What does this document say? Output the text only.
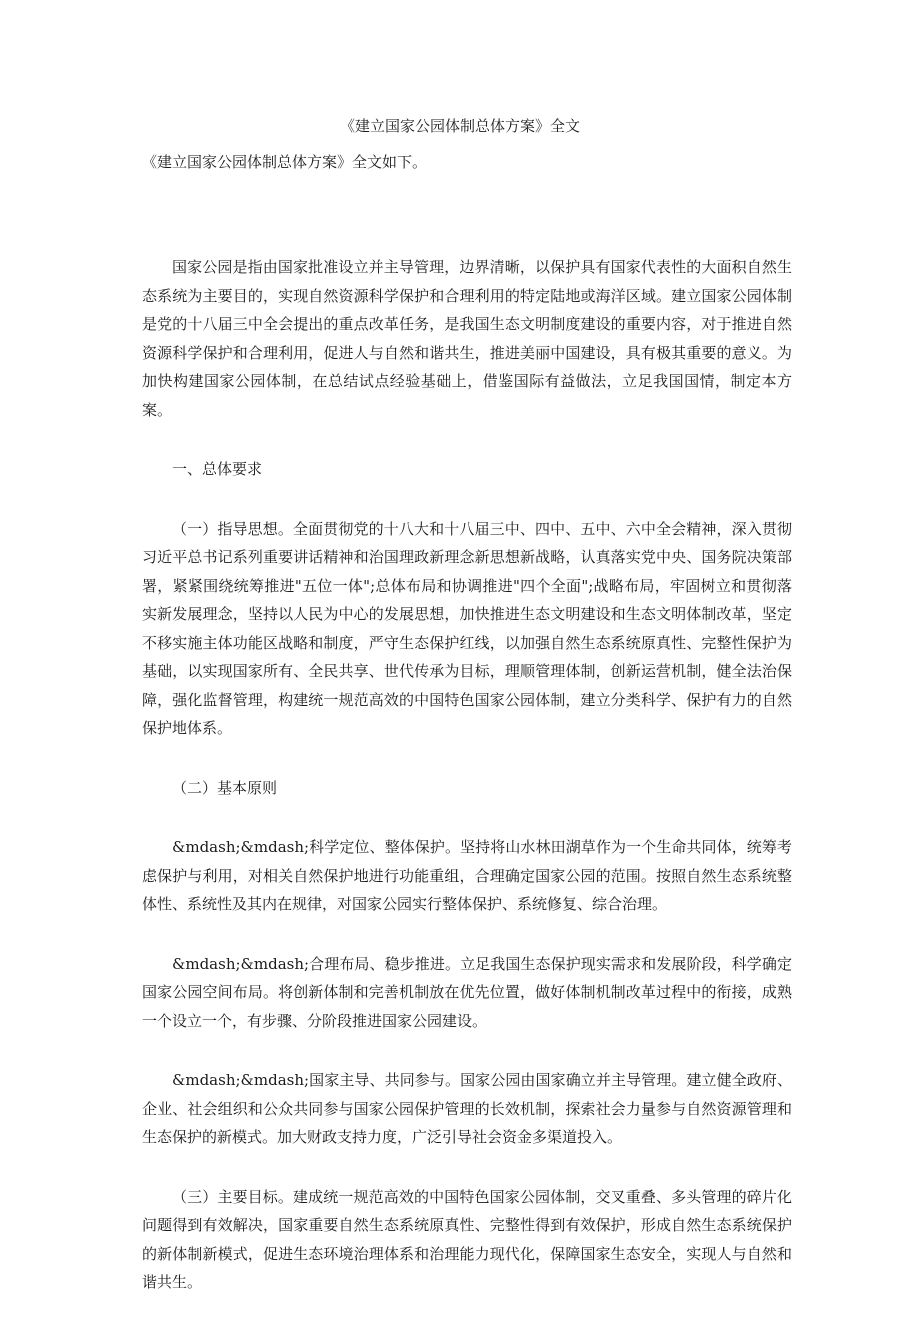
《建立国家公园体制总体方案》全文
《建立国家公园体制总体方案》全文如下。

国家公园是指由国家批准设立并主导管理，边界清晰，以保护具有国家代表性的大面积自然生态系统为主要目的，实现自然资源科学保护和合理利用的特定陆地或海洋区域。建立国家公园体制是党的十八届三中全会提出的重点改革任务，是我国生态文明制度建设的重要内容，对于推进自然资源科学保护和合理利用，促进人与自然和谐共生，推进美丽中国建设，具有极其重要的意义。为加快构建国家公园体制，在总结试点经验基础上，借鉴国际有益做法，立足我国国情，制定本方案。

一、总体要求

（一）指导思想。全面贯彻党的十八大和十八届三中、四中、五中、六中全会精神，深入贯彻习近平总书记系列重要讲话精神和治国理政新理念新思想新战略，认真落实党中央、国务院决策部署，紧紧围绕统筹推进"五位一体";总体布局和协调推进"四个全面";战略布局，牢固树立和贯彻落实新发展理念，坚持以人民为中心的发展思想，加快推进生态文明建设和生态文明体制改革，坚定不移实施主体功能区战略和制度，严守生态保护红线，以加强自然生态系统原真性、完整性保护为基础，以实现国家所有、全民共享、世代传承为目标，理顺管理体制，创新运营机制，健全法治保障，强化监督管理，构建统一规范高效的中国特色国家公园体制，建立分类科学、保护有力的自然保护地体系。

（二）基本原则

&mdash;&mdash;科学定位、整体保护。坚持将山水林田湖草作为一个生命共同体，统筹考虑保护与利用，对相关自然保护地进行功能重组，合理确定国家公园的范围。按照自然生态系统整体性、系统性及其内在规律，对国家公园实行整体保护、系统修复、综合治理。

&mdash;&mdash;合理布局、稳步推进。立足我国生态保护现实需求和发展阶段，科学确定国家公园空间布局。将创新体制和完善机制放在优先位置，做好体制机制改革过程中的衔接，成熟一个设立一个，有步骤、分阶段推进国家公园建设。

&mdash;&mdash;国家主导、共同参与。国家公园由国家确立并主导管理。建立健全政府、企业、社会组织和公众共同参与国家公园保护管理的长效机制，探索社会力量参与自然资源管理和生态保护的新模式。加大财政支持力度，广泛引导社会资金多渠道投入。

（三）主要目标。建成统一规范高效的中国特色国家公园体制，交叉重叠、多头管理的碎片化问题得到有效解决，国家重要自然生态系统原真性、完整性得到有效保护，形成自然生态系统保护的新体制新模式，促进生态环境治理体系和治理能力现代化，保障国家生态安全，实现人与自然和谐共生。
